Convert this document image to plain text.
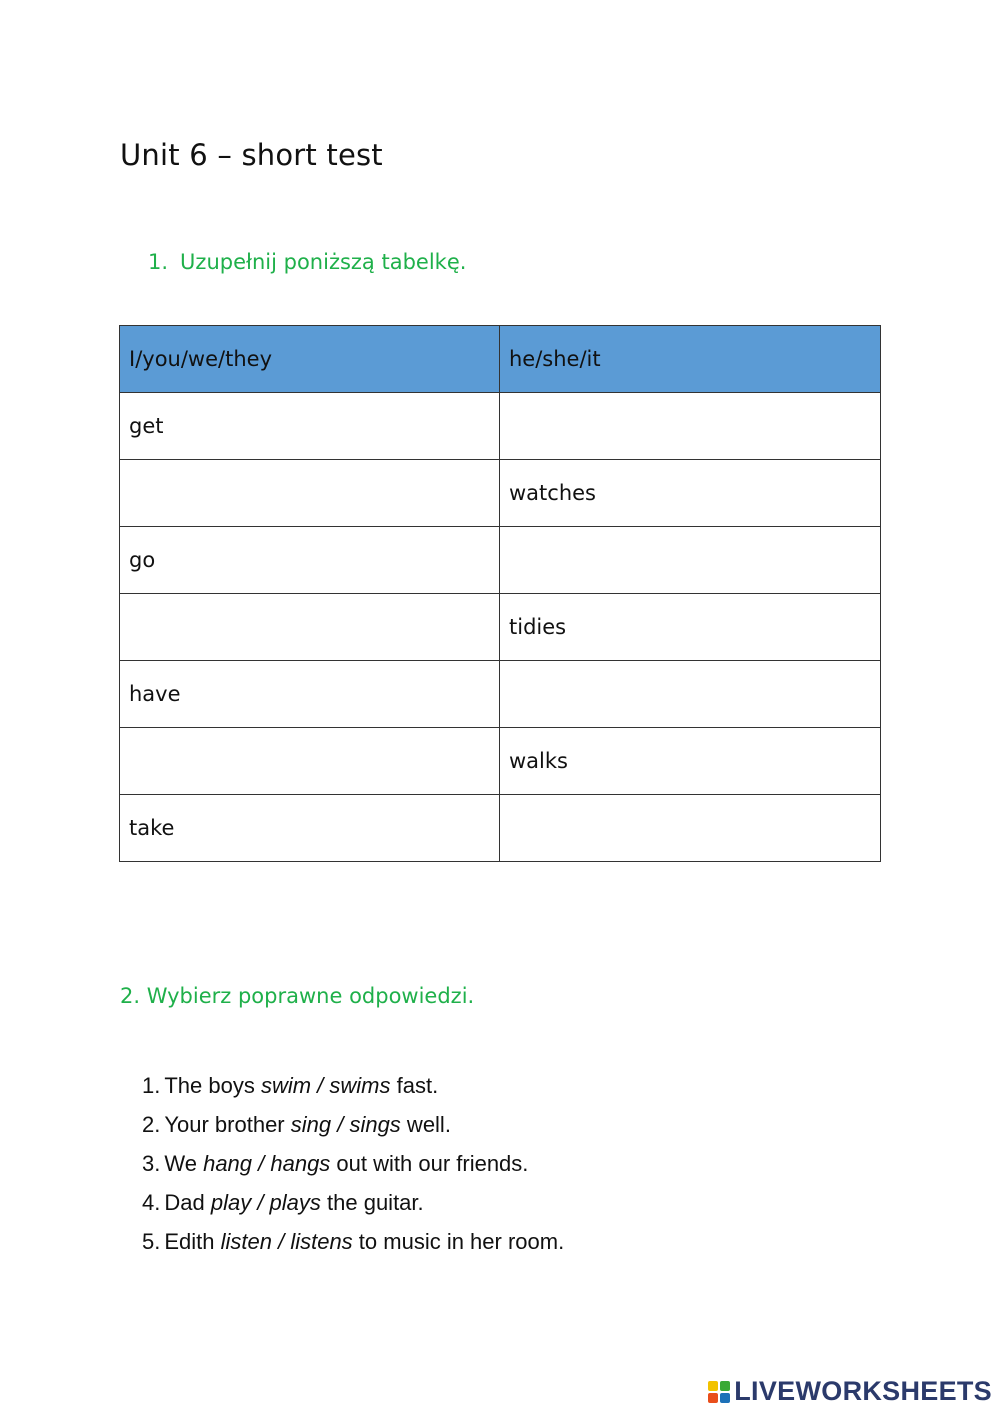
Unit 6 – short test

1. Uzupełnij poniższą tabelkę.

I/you/we/they	he/she/it
get	
	watches
go	
	tidies
have	
	walks
take	

2. Wybierz poprawne odpowiedzi.

1. The boys swim / swims fast.
2. Your brother sing / sings well.
3. We hang / hangs out with our friends.
4. Dad play / plays the guitar.
5. Edith listen / listens to music in her room.
LIVEWORKSHEETS
